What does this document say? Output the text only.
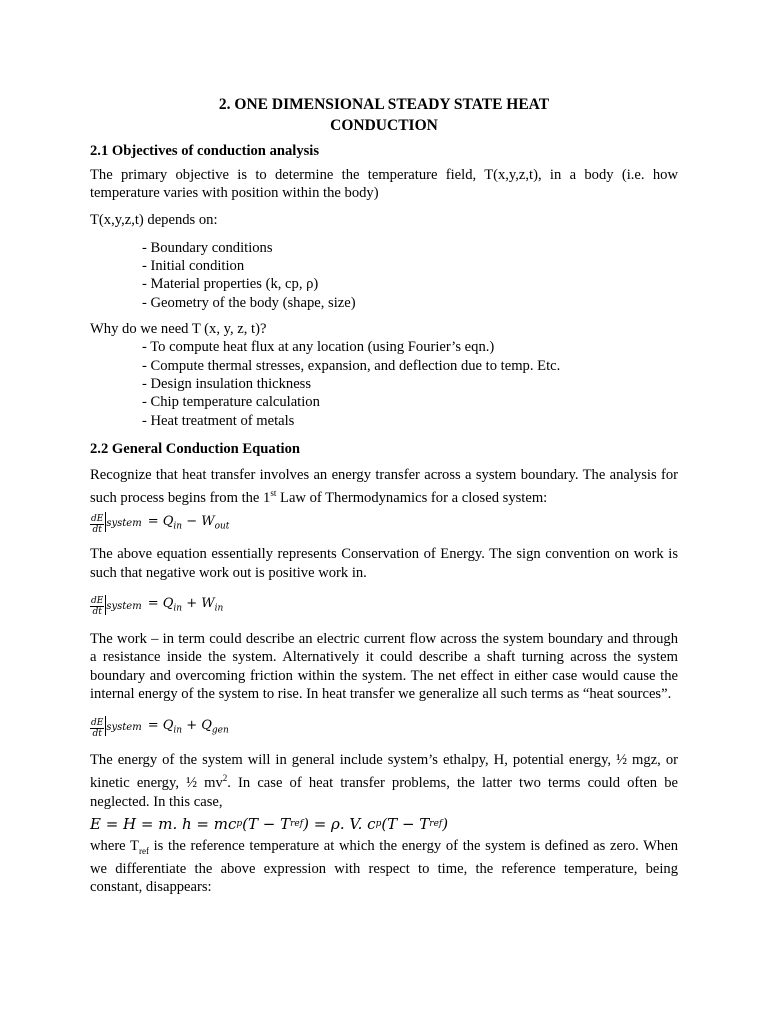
2. ONE DIMENSIONAL STEADY STATE HEAT

CONDUCTION

2.1 Objectives of conduction analysis

The primary objective is to determine the temperature field, T(x,y,z,t), in a body (i.e. how temperature varies with position within the body)

T(x,y,z,t) depends on:

- Boundary conditions
- Initial condition
- Material properties (k, cp, ρ)
- Geometry of the body (shape, size)

Why do we need T (x, y, z, t)?

- To compute heat flux at any location (using Fourier’s eqn.)
- Compute thermal stresses, expansion, and deflection due to temp. Etc.
- Design insulation thickness
- Chip temperature calculation
- Heat treatment of metals
2.2 General Conduction Equation

Recognize that heat transfer involves an energy transfer across a system boundary. The analysis for such process begins from the 1st Law of Thermodynamics for a closed system:

$\frac{dE}{dt}$ system = $Q_{in} - W_{out}$

The above equation essentially represents Conservation of Energy. The sign convention on work is such that negative work out is positive work in.

$\frac{dE}{dt}$ system = $Q_{in} + W_{in}$

The work – in term could describe an electric current flow across the system boundary and through a resistance inside the system. Alternatively it could describe a shaft turning across the system boundary and overcoming friction within the system. The net effect in either case would cause the internal energy of the system to rise. In heat transfer we generalize all such terms as “heat sources”.

$\frac{dE}{dt}$ system = $Q_{in} + Q_{gen}$

The energy of the system will in general include system’s ethalpy, H, potential energy, ½ mgz, or kinetic energy, ½ $mv^2$. In case of heat transfer problems, the latter two terms could often be neglected. In this case,

E = H = m. h = mc p (T − T ref ) = ρ. V. c p (T − T ref )

where $T_{ref}$ is the reference temperature at which the energy of the system is defined as zero. When we differentiate the above expression with respect to time, the reference temperature, being constant, disappears:
